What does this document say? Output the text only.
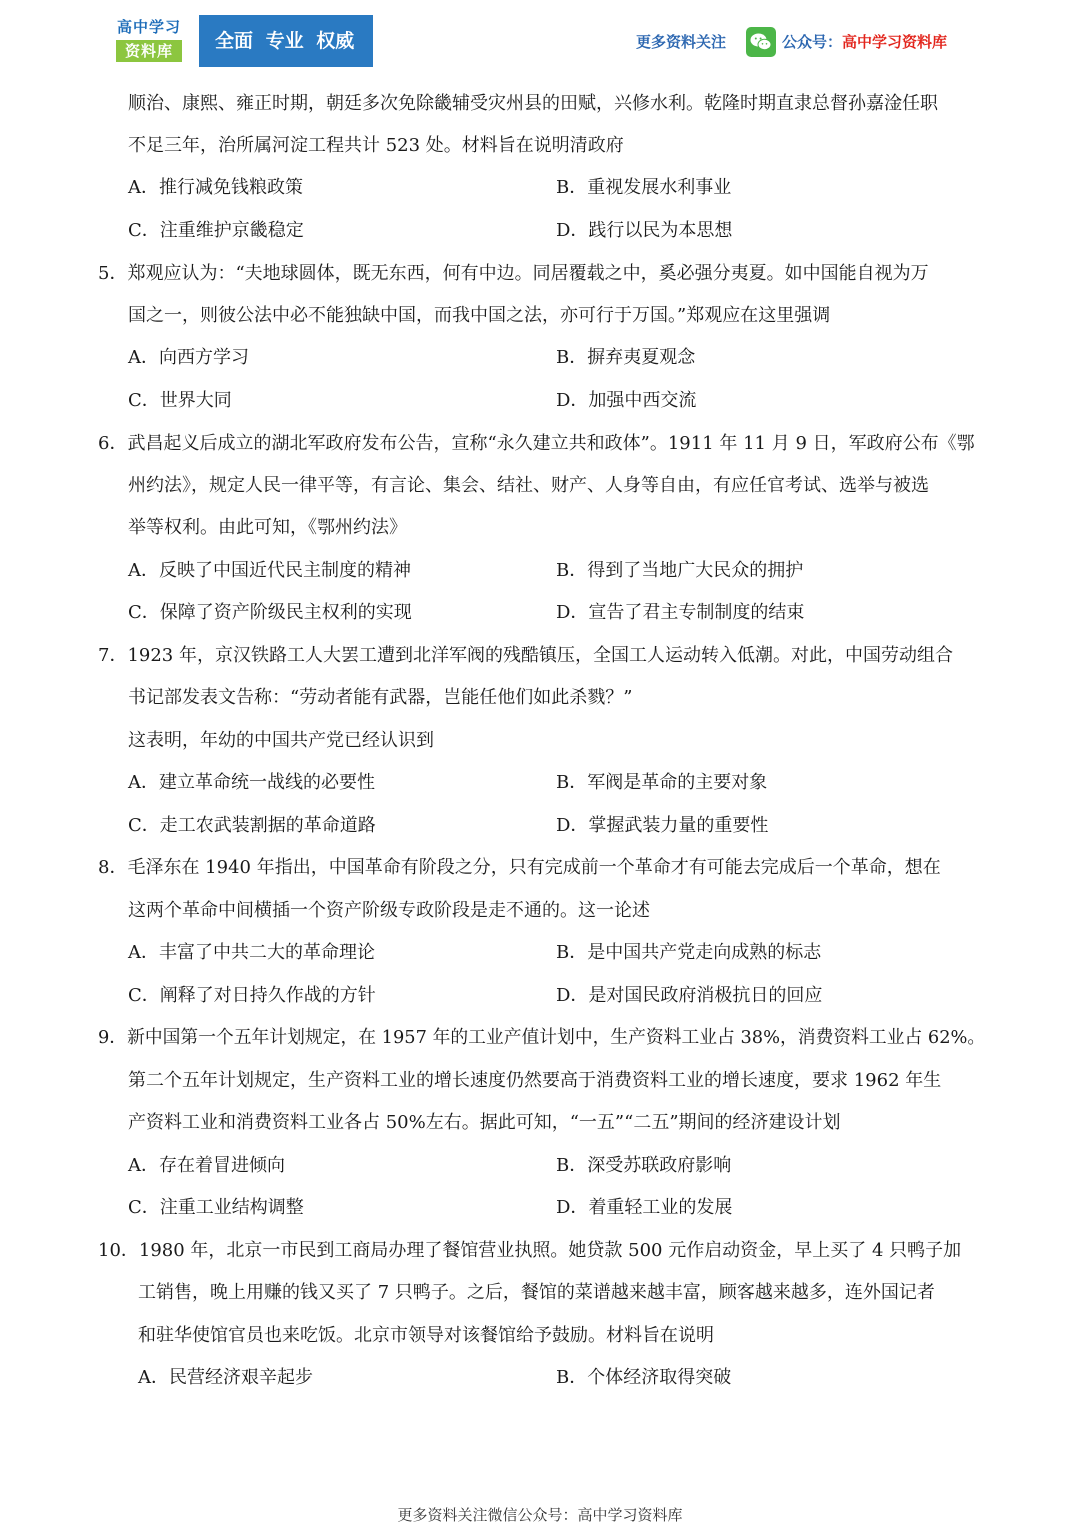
高中学习
资料库	全面 专业 权威	更多资料关注	公众号：高中学习资料库
顺治、康熙、雍正时期，朝廷多次免除畿辅受灾州县的田赋，兴修水利。乾隆时期直隶总督孙嘉淦任职
不足三年，治所属河淀工程共计 523 处。材料旨在说明清政府
A．推行减免钱粮政策	B．重视发展水利事业
C．注重维护京畿稳定	D．践行以民为本思想
5．郑观应认为：“夫地球圆体，既无东西，何有中边。同居覆载之中，奚必强分夷夏。如中国能自视为万
国之一，则彼公法中必不能独缺中国，而我中国之法，亦可行于万国。”郑观应在这里强调
A．向西方学习	B．摒弃夷夏观念
C．世界大同	D．加强中西交流
6．武昌起义后成立的湖北军政府发布公告，宣称“永久建立共和政体”。1911 年 11 月 9 日，军政府公布《鄂
州约法》，规定人民一律平等，有言论、集会、结社、财产、人身等自由，有应任官考试、选举与被选
举等权利。由此可知，《鄂州约法》
A．反映了中国近代民主制度的精神	B．得到了当地广大民众的拥护
C．保障了资产阶级民主权利的实现	D．宣告了君主专制制度的结束
7．1923 年，京汉铁路工人大罢工遭到北洋军阀的残酷镇压，全国工人运动转入低潮。对此，中国劳动组合
书记部发表文告称：“劳动者能有武器，岂能任他们如此杀戮？”
这表明，年幼的中国共产党已经认识到
A．建立革命统一战线的必要性	B．军阀是革命的主要对象
C．走工农武装割据的革命道路	D．掌握武装力量的重要性
8．毛泽东在 1940 年指出，中国革命有阶段之分，只有完成前一个革命才有可能去完成后一个革命，想在
这两个革命中间横插一个资产阶级专政阶段是走不通的。这一论述
A．丰富了中共二大的革命理论	B．是中国共产党走向成熟的标志
C．阐释了对日持久作战的方针	D．是对国民政府消极抗日的回应
9．新中国第一个五年计划规定，在 1957 年的工业产值计划中，生产资料工业占 38%，消费资料工业占 62%。
第二个五年计划规定，生产资料工业的增长速度仍然要高于消费资料工业的增长速度，要求 1962 年生
产资料工业和消费资料工业各占 50%左右。据此可知，“一五”“二五”期间的经济建设计划
A．存在着冒进倾向	B．深受苏联政府影响
C．注重工业结构调整	D．着重轻工业的发展
10．1980 年，北京一市民到工商局办理了餐馆营业执照。她贷款 500 元作启动资金，早上买了 4 只鸭子加
工销售，晚上用赚的钱又买了 7 只鸭子。之后，餐馆的菜谱越来越丰富，顾客越来越多，连外国记者
和驻华使馆官员也来吃饭。北京市领导对该餐馆给予鼓励。材料旨在说明
A．民营经济艰辛起步	B．个体经济取得突破
更多资料关注微信公众号：高中学习资料库
